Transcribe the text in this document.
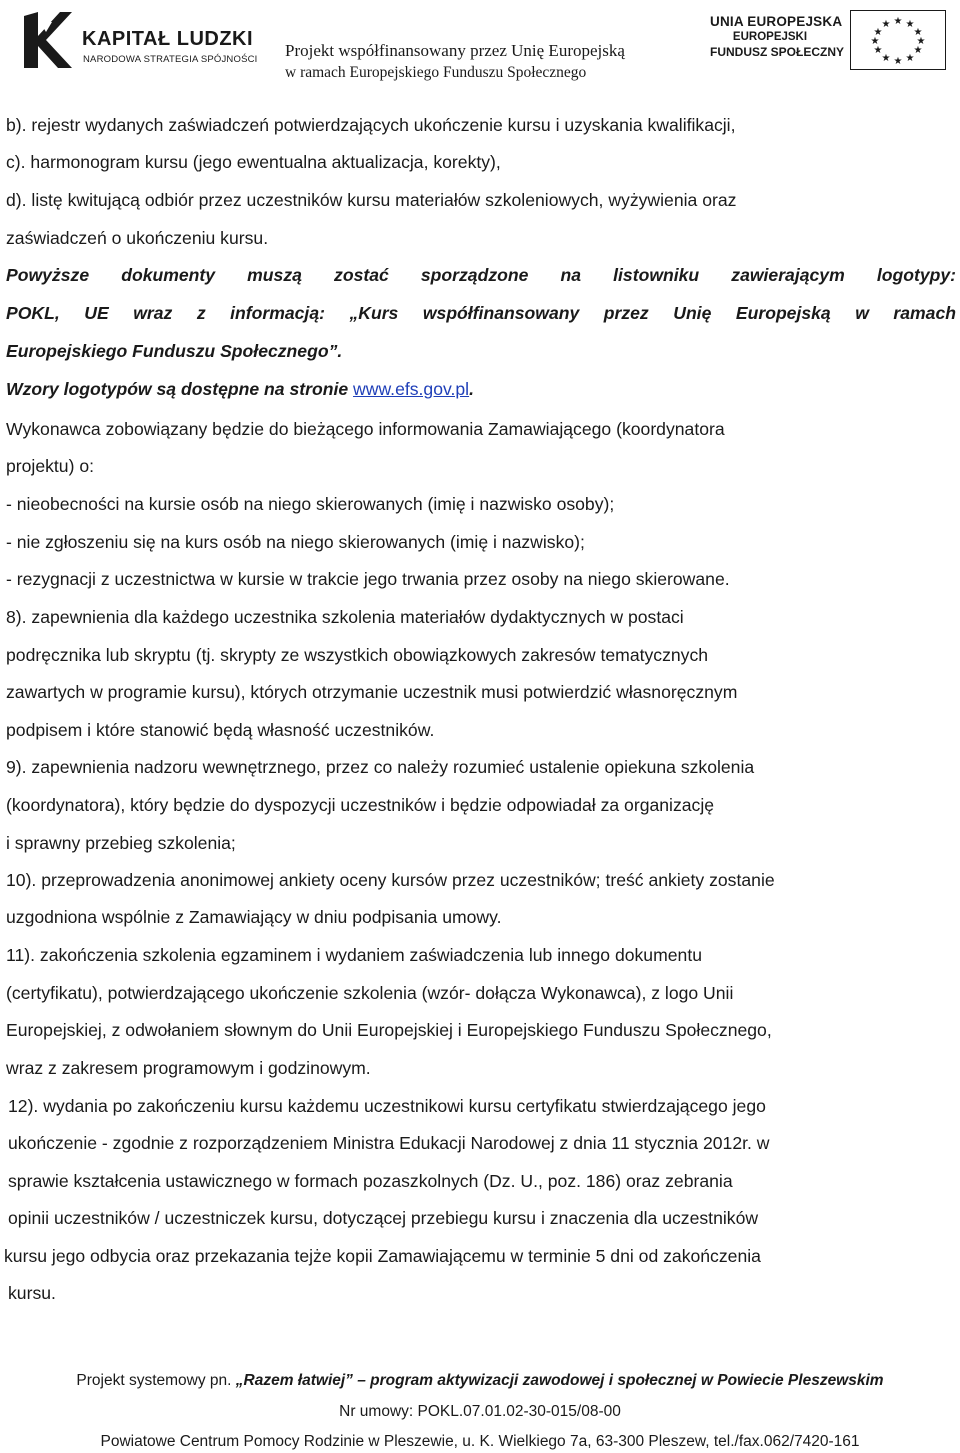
KAPITAŁ LUDZKI
NARODOWA STRATEGIA SPÓJNOŚCI Projekt współfinansowany przez Unię Europejską
w ramach Europejskiego Funduszu Społecznego
UNIA EUROPEJSKA
EUROPEJSKI
FUNDUSZ SPOŁECZNY
★ ★
★
★
★
★
★
★
★
★
★
★
b). rejestr wydanych zaświadczeń potwierdzających ukończenie kursu i uzyskania kwalifikacji,
c). harmonogram kursu (jego ewentualna aktualizacja, korekty),
d). listę kwitującą odbiór przez uczestników kursu materiałów szkoleniowych, wyżywienia oraz
zaświadczeń o ukończeniu kursu.
Powyższe dokumenty muszą zostać sporządzone na listowniku zawierającym logotypy:
POKL, UE wraz z informacją: „Kurs współfinansowany przez Unię Europejską w ramach
Europejskiego Funduszu Społecznego”.
Wzory logotypów są dostępne na stronie www.efs.gov.pl.
Wykonawca zobowiązany będzie do bieżącego informowania Zamawiającego (koordynatora
projektu) o:
- nieobecności na kursie osób na niego skierowanych (imię i nazwisko osoby);
- nie zgłoszeniu się na kurs osób na niego skierowanych (imię i nazwisko);
- rezygnacji z uczestnictwa w kursie w trakcie jego trwania przez osoby na niego skierowane.
8). zapewnienia dla każdego uczestnika szkolenia materiałów dydaktycznych w postaci
podręcznika lub skryptu (tj. skrypty ze wszystkich obowiązkowych zakresów tematycznych
zawartych w programie kursu), których otrzymanie uczestnik musi potwierdzić własnoręcznym
podpisem i które stanowić będą własność uczestników.
9). zapewnienia nadzoru wewnętrznego, przez co należy rozumieć ustalenie opiekuna szkolenia
(koordynatora), który będzie do dyspozycji uczestników i będzie odpowiadał za organizację
i sprawny przebieg szkolenia;
10). przeprowadzenia anonimowej ankiety oceny kursów przez uczestników; treść ankiety zostanie
uzgodniona wspólnie z Zamawiający w dniu podpisania umowy.
11). zakończenia szkolenia egzaminem i wydaniem zaświadczenia lub innego dokumentu
(certyfikatu), potwierdzającego ukończenie szkolenia (wzór- dołącza Wykonawca), z logo Unii
Europejskiej, z odwołaniem słownym do Unii Europejskiej i Europejskiego Funduszu Społecznego,
wraz z zakresem programowym i godzinowym.
12). wydania po zakończeniu kursu każdemu uczestnikowi kursu certyfikatu stwierdzającego jego
ukończenie - zgodnie z rozporządzeniem Ministra Edukacji Narodowej z dnia 11 stycznia 2012r. w
sprawie kształcenia ustawicznego w formach pozaszkolnych (Dz. U., poz. 186) oraz zebrania
opinii uczestników / uczestniczek kursu, dotyczącej przebiegu kursu i znaczenia dla uczestników
kursu jego odbycia oraz przekazania tejże kopii Zamawiającemu w terminie 5 dni od zakończenia
kursu.
Projekt systemowy pn. „Razem łatwiej” – program aktywizacji zawodowej i społecznej w Powiecie Pleszewskim
Nr umowy: POKL.07.01.02-30-015/08-00
Powiatowe Centrum Pomocy Rodzinie w Pleszewie, u. K. Wielkiego 7a, 63-300 Pleszew, tel./fax.062/7420-161
